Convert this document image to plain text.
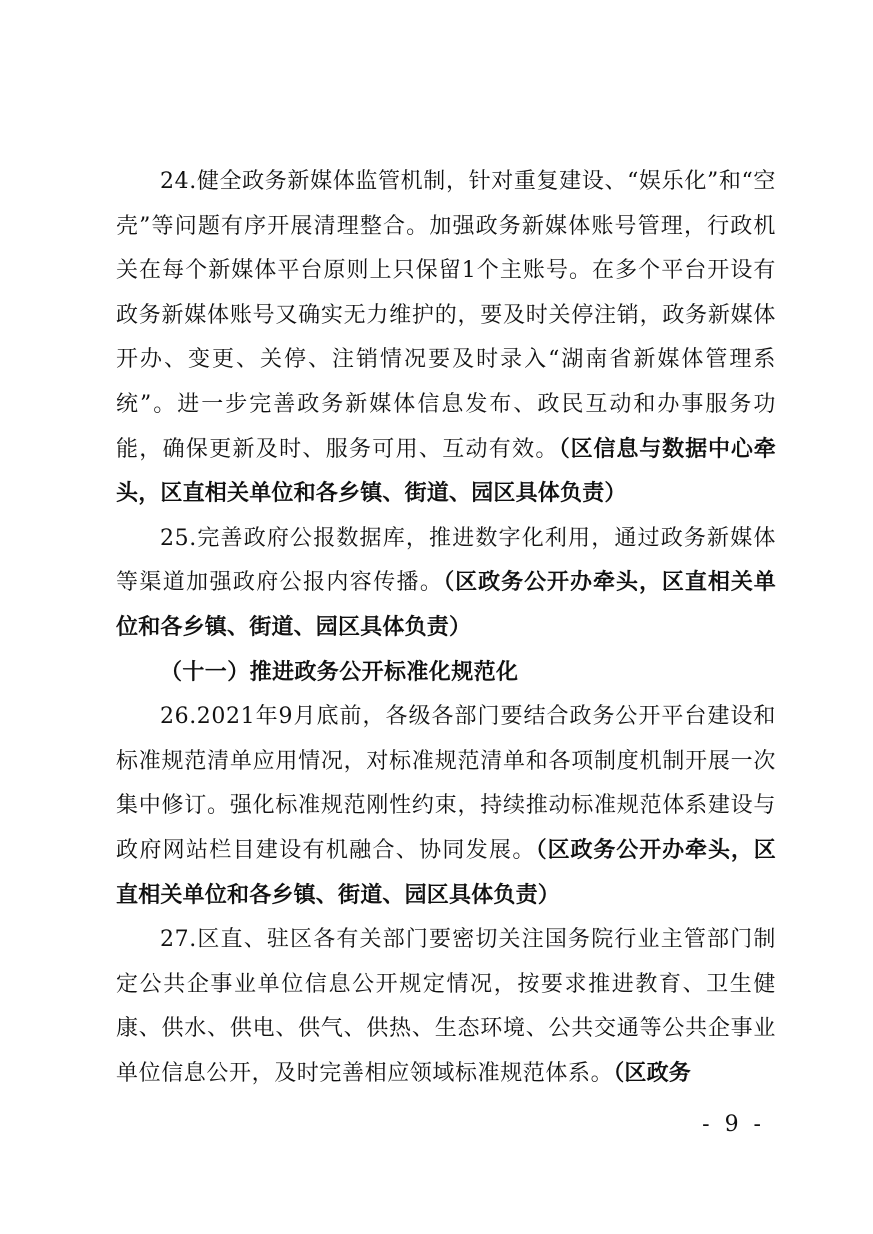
24.健全政务新媒体监管机制，针对重复建设、“娱乐化”和“空壳”等问题有序开展清理整合。加强政务新媒体账号管理，行政机关在每个新媒体平台原则上只保留1个主账号。在多个平台开设有政务新媒体账号又确实无力维护的，要及时关停注销，政务新媒体开办、变更、关停、注销情况要及时录入“湖南省新媒体管理系统”。进一步完善政务新媒体信息发布、政民互动和办事服务功能，确保更新及时、服务可用、互动有效。（区信息与数据中心牵头，区直相关单位和各乡镇、街道、园区具体负责）

25.完善政府公报数据库，推进数字化利用，通过政务新媒体等渠道加强政府公报内容传播。（区政务公开办牵头，区直相关单位和各乡镇、街道、园区具体负责）

（十一）推进政务公开标准化规范化

26.2021年9月底前，各级各部门要结合政务公开平台建设和标准规范清单应用情况，对标准规范清单和各项制度机制开展一次集中修订。强化标准规范刚性约束，持续推动标准规范体系建设与政府网站栏目建设有机融合、协同发展。（区政务公开办牵头，区直相关单位和各乡镇、街道、园区具体负责）

27.区直、驻区各有关部门要密切关注国务院行业主管部门制定公共企事业单位信息公开规定情况，按要求推进教育、卫生健康、供水、供电、供气、供热、生态环境、公共交通等公共企事业单位信息公开，及时完善相应领域标准规范体系。（区政务

- 9 -
